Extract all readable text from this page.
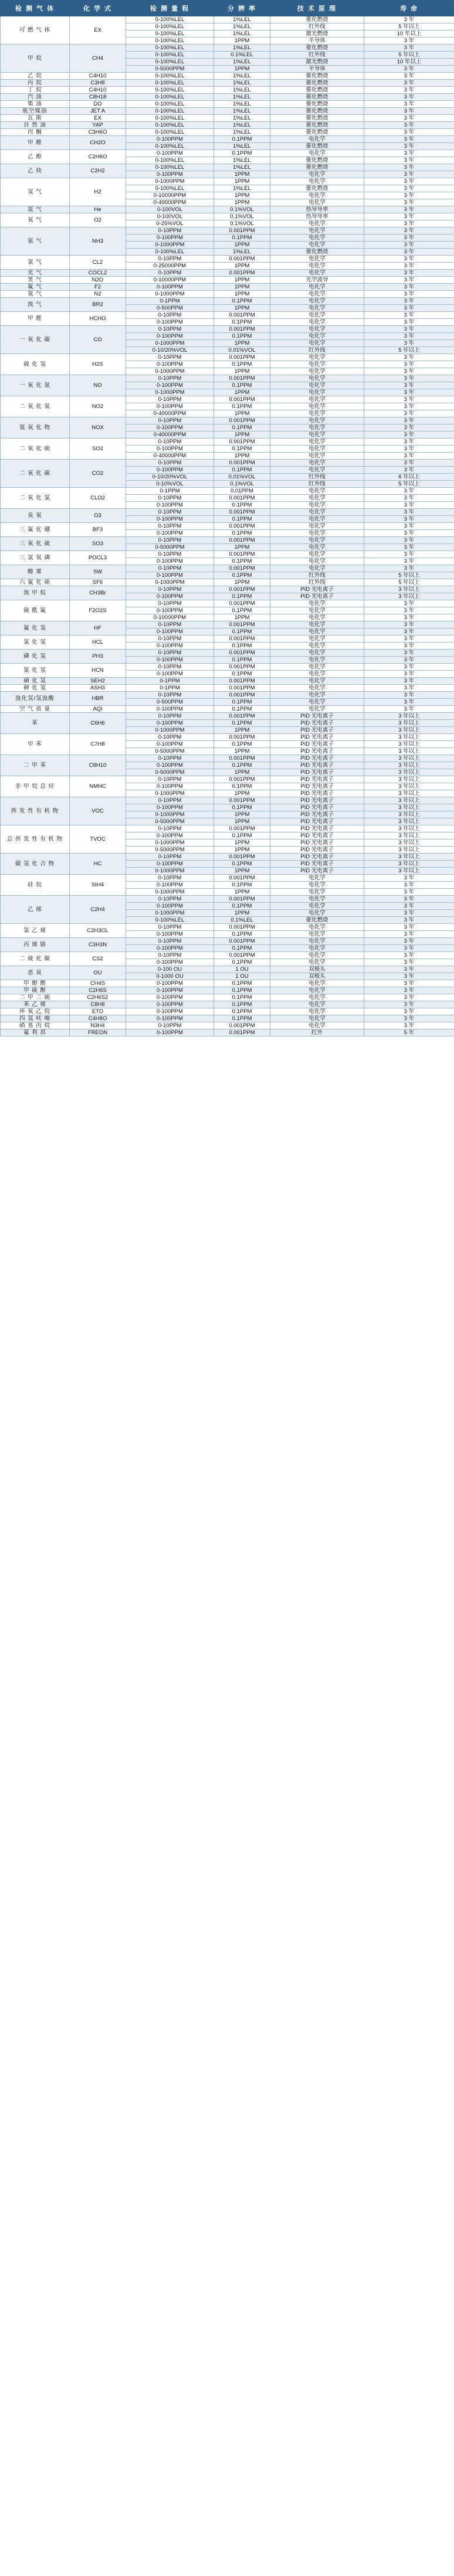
检 测 气 体	化 学 式	检 测 量 程	分 辨 率	技 术 原 理	寿 命
可 燃 气 体	EX	0-100%LEL	1%LEL	催化燃烧	3 年
		0-100%LEL	1%LEL	红外线	5 年以上
		0-100%LEL	1%LEL	激光燃烧	10 年以上
		0-100%LEL	1PPM	半导体	3 年
甲 烷	CH4	0-100%LEL	1%LEL	催化燃烧	3 年
		0-100%LEL	0.1%LEL	红外线	5 年以上
		0-100%LEL	1%LEL	激光燃烧	10 年以上
		0-5000PPM	1PPM	半导体	3 年
乙 烷	C4H10	0-100%LEL	1%LEL	催化燃烧	3 年
丙 烷	C3H8	0-100%LEL	1%LEL	催化燃烧	3 年
丁 烷	C4H10	0-100%LEL	1%LEL	催化燃烧	3 年
汽 油	C8H18	0-100%LEL	1%LEL	催化燃烧	3 年
柴 油	DO	0-100%LEL	1%LEL	催化燃烧	3 年
航空煤油	JET A	0-100%LEL	1%LEL	催化燃烧	3 年
瓦 斯	EX	0-100%LEL	1%LEL	催化燃烧	3 年
自 然 油	YAP	0-100%LEL	1%LEL	催化燃烧	3 年
丙 酮	C3H6O	0-100%LEL	1%LEL	催化燃烧	3 年
甲 醛	CH2O	0-100PPM	0.1PPM	电化学	3 年
		0-100%LEL	1%LEL	催化燃烧	3 年
乙 醇	C2H6O	0-100PPM	0.1PPM	电化学	3 年
		0-100%LEL	1%LEL	催化燃烧	3 年
乙 炔	C2H2	0-100%LEL	1%LEL	催化燃烧	3 年
		0-100PPM	1PPM	电化学	3 年
氢 气	H2	0-1000PPM	1PPM	电化学	3 年
		0-100%LEL	1%LEL	催化燃烧	3 年
		0-10000PPM	1PPM	电化学	3 年
		0-40000PPM	1PPM	电化学	3 年
氦 气	He	0-100VOL	0.1%VOL	热导导率	3 年
氧 气	O2	0-100VOL	0.1%VOL	热导导率	3 年
		0-25%VOL	0.1%VOL	电化学	3 年
氨 气	NH3	0-10PPM	0.001PPM	电化学	3 年
		0-100PPM	0.1PPM	电化学	3 年
		0-1000PPM	1PPM	电化学	3 年
		0-100%LEL	1%LEL	催化燃烧	3 年
氯 气	CL2	0-10PPM	0.001PPM	电化学	3 年
		0-25000PPM	1PPM	电化学	3 年
光 气	COCL2	0-10PPM	0.001PPM	电化学	3 年
笑 气	N2O	0-10000PPM	1PPM	光学波导	3 年
氟 气	F2	0-100PPM	1PPM	电化学	3 年
氮 气	N2	0-1000PPM	1PPM	电化学	3 年
溴 气	BR2	0-1PPM	0.1PPM	电化学	3 年
		0-500PPM	1PPM	电化学	3 年
甲 醛	HCHO	0-10PPM	0.001PPM	电化学	3 年
		0-100PPM	0.1PPM	电化学	3 年
一 氧 化 碳	CO	0-10PPM	0.001PPM	电化学	3 年
		0-100PPM	0.1PPM	电化学	3 年
		0-1000PPM	1PPM	电化学	3 年
		0-10/20%VOL	0.01%VOL	红外线	5 年以上
硫 化 氢	H2S	0-10PPM	0.001PPM	电化学	3 年
		0-100PPM	0.1PPM	电化学	3 年
		0-1000PPM	1PPM	电化学	3 年
一 氧 化 氮	NO	0-10PPM	0.001PPM	电化学	3 年
		0-100PPM	0.1PPM	电化学	3 年
		0-1000PPM	1PPM	电化学	3 年
二 氧 化 氮	NO2	0-10PPM	0.001PPM	电化学	3 年
		0-100PPM	0.1PPM	电化学	3 年
		0-40000PPM	1PPM	电化学	3 年
氮 氧 化 物	NOX	0-10PPM	0.001PPM	电化学	3 年
		0-100PPM	0.1PPM	电化学	3 年
		0-40000PPM	1PPM	电化学	3 年
二 氧 化 硫	SO2	0-10PPM	0.001PPM	电化学	3 年
		0-100PPM	0.1PPM	电化学	3 年
		0-40000PPM	1PPM	电化学	3 年
二 氧 化 碳	CO2	0-10PPM	0.001PPM	电化学	3 年
		0-100PPM	0.1PPM	电化学	3 年
		0-10/20%VOL	0.01%VOL	红外线	6 年以上
		0-10%VOL	0.1%VOL	红外线	5 年以上
二 氧 化 氯	CLO2	0-1PPM	0.01PPM	电化学	3 年
		0-10PPM	0.001PPM	电化学	3 年
		0-100PPM	0.1PPM	电化学	3 年
臭 氧	O3	0-10PPM	0.001PPM	电化学	3 年
		0-100PPM	0.1PPM	电化学	3 年
三 氟 化 硼	BF3	0-10PPM	0.001PPM	电化学	3 年
		0-100PPM	0.1PPM	电化学	3 年
三 氧 化 硫	SO3	0-10PPM	0.001PPM	电化学	3 年
		0-5000PPM	1PPM	电化学	3 年
三 氯 氧 磷	POCL3	0-10PPM	0.001PPM	电化学	3 年
		0-100PPM	0.1PPM	电化学	3 年
酸 雾	SW	0-10PPM	0.001PPM	电化学	3 年
		0-100PPM	0.1PPM	红外线	5 年以上
六 氟 化 硫	SF6	0-1000PPM	1PPM	红外线	5 年以上
溴 甲 烷	CH3Br	0-10PPM	0.001PPM	PID 光电离子	3 年以上
		0-100PPM	0.1PPM	PID 光电离子	3 年以上
硫 酰 氟	F2O2S	0-10PPM	0.001PPM	电化学	3 年
		0-100PPM	0.1PPM	电化学	3 年
		0-10000PPM	1PPM	电化学	3 年
氟 化 氢	HF	0-10PPM	0.001PPM	电化学	3 年
		0-100PPM	0.1PPM	电化学	3 年
氯 化 氢	HCL	0-10PPM	0.001PPM	电化学	3 年
		0-100PPM	0.1PPM	电化学	3 年
磷 化 氢	PH3	0-10PPM	0.001PPM	电化学	3 年
		0-100PPM	0.1PPM	电化学	3 年
氰 化 氢	HCN	0-10PPM	0.001PPM	电化学	3 年
		0-100PPM	0.1PPM	电化学	3 年
硒 化 氢	SEH2	0-1PPM	0.001PPM	电化学	3 年
砷 化 氢	ASH3	0-1PPM	0.001PPM	电化学	3 年
溴化氢/氢溴酸	HBR	0-10PPM	0.001PPM	电化学	3 年
		0-500PPM	0.1PPM	电化学	3 年
空 气 质 量	AQI	0-100PPM	0.1PPM	电化学	3 年
苯	C6H6	0-10PPM	0.001PPM	PID 光电离子	3 年以上
		0-100PPM	0.1PPM	PID 光电离子	3 年以上
		0-1000PPM	1PPM	PID 光电离子	3 年以上
甲 苯	C7H8	0-10PPM	0.001PPM	PID 光电离子	3 年以上
		0-100PPM	0.1PPM	PID 光电离子	3 年以上
		0-5000PPM	1PPM	PID 光电离子	3 年以上
二 甲 苯	C8H10	0-10PPM	0.001PPM	PID 光电离子	3 年以上
		0-100PPM	0.1PPM	PID 光电离子	3 年以上
		0-5000PPM	1PPM	PID 光电离子	3 年以上
非 甲 烷 总 烃	NMHC	0-10PPM	0.001PPM	PID 光电离子	3 年以上
		0-100PPM	0.1PPM	PID 光电离子	3 年以上
		0-1000PPM	1PPM	PID 光电离子	3 年以上
挥 发 性 有 机 物	VOC	0-10PPM	0.001PPM	PID 光电离子	3 年以上
		0-100PPM	0.1PPM	PID 光电离子	3 年以上
		0-1000PPM	1PPM	PID 光电离子	3 年以上
		0-5000PPM	1PPM	PID 光电离子	3 年以上
总 挥 发 性 有 机 物	TVOC	0-10PPM	0.001PPM	PID 光电离子	3 年以上
		0-100PPM	0.1PPM	PID 光电离子	3 年以上
		0-1000PPM	1PPM	PID 光电离子	3 年以上
		0-5000PPM	1PPM	PID 光电离子	3 年以上
碳 氢 化 合 物	HC	0-10PPM	0.001PPM	PID 光电离子	3 年以上
		0-100PPM	0.1PPM	PID 光电离子	3 年以上
		0-1000PPM	1PPM	PID 光电离子	3 年以上
硅 烷	SIH4	0-10PPM	0.001PPM	电化学	3 年
		0-100PPM	0.1PPM	电化学	3 年
		0-1000PPM	1PPM	电化学	3 年
乙 烯	C2H4	0-10PPM	0.001PPM	电化学	3 年
		0-100PPM	0.1PPM	电化学	3 年
		0-1000PPM	1PPM	电化学	3 年
		0-100%LEL	0.1%LEL	催化燃烧	3 年
氯 乙 烯	C2H3CL	0-10PPM	0.001PPM	电化学	3 年
		0-100PPM	0.1PPM	电化学	3 年
丙 烯 腈	C3H3N	0-10PPM	0.001PPM	电化学	3 年
		0-100PPM	0.1PPM	电化学	3 年
二 硫 化 碳	CS2	0-10PPM	0.001PPM	电化学	3 年
		0-100PPM	0.1PPM	电化学	3 年
恶 臭	OU	0-100 OU	1 OU	双极头	3 年
		0-1000 OU	1 OU	双极头	3 年
甲 醇 醛	CH4S	0-100PPM	0.1PPM	电化学	3 年
甲 硫 醇	C2H6S	0-100PPM	0.1PPM	电化学	3 年
二 甲 二 硫	C2H6S2	0-100PPM	0.1PPM	电化学	3 年
苯 乙 烯	C8H8	0-100PPM	0.1PPM	电化学	3 年
环 氧 乙 烷	ETO	0-100PPM	0.1PPM	电化学	3 年
四 氢 呋 喃	C4H8O	0-100PPM	0.1PPM	电化学	3 年
硝 基 丙 烷	N3H4	0-10PPM	0.001PPM	电化学	3 年
氟 利 昂	FREON	0-100PPM	0.001PPM	红外	5 年
